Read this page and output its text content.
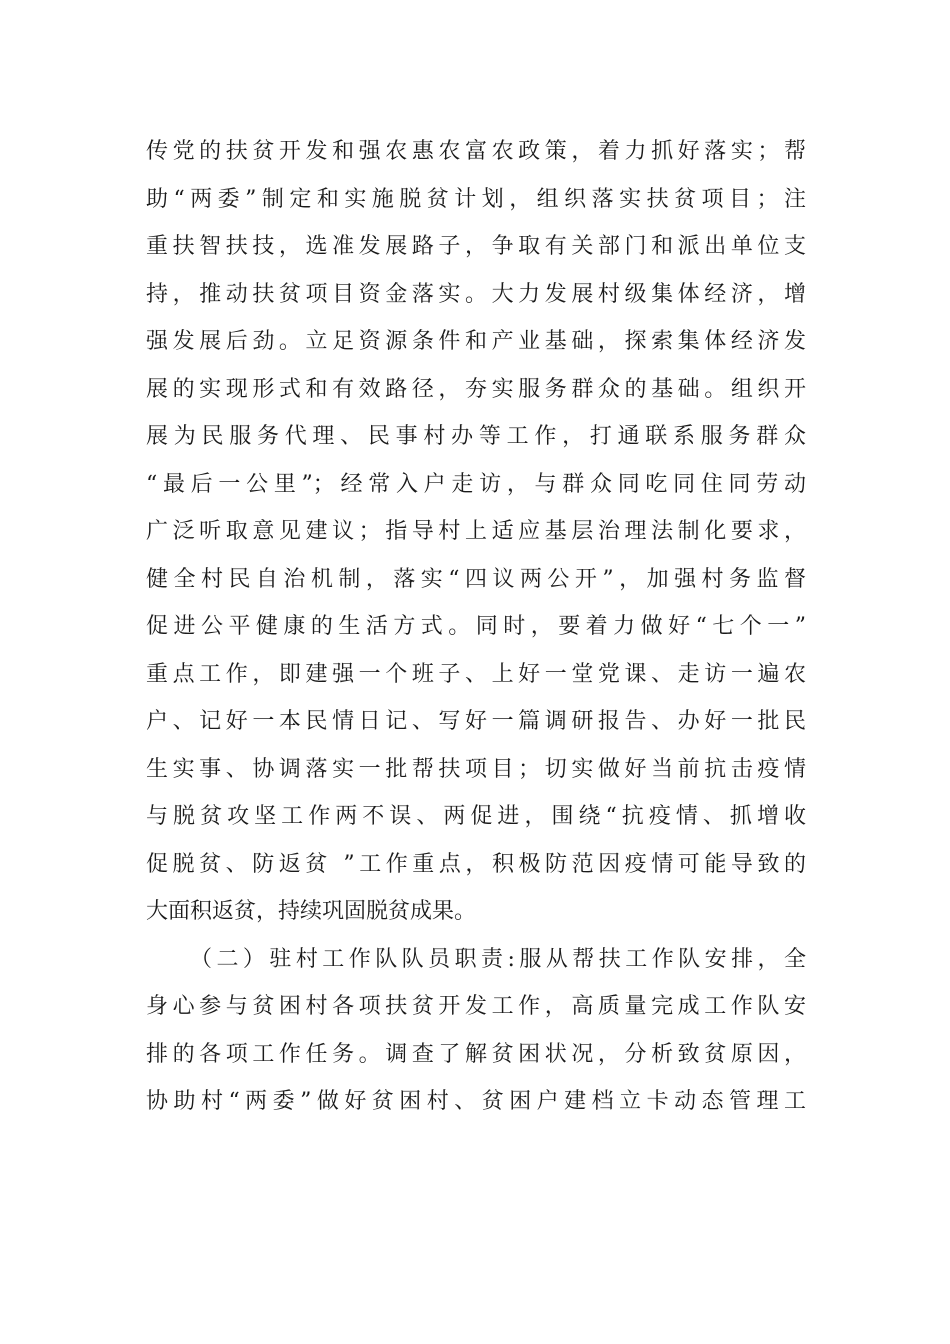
传党的扶贫开发和强农惠农富农政策，着力抓好落实；帮
助“两委”制定和实施脱贫计划，组织落实扶贫项目；注
重扶智扶技，选准发展路子，争取有关部门和派出单位支
持，推动扶贫项目资金落实。大力发展村级集体经济，增
强发展后劲。立足资源条件和产业基础，探索集体经济发
展的实现形式和有效路径，夯实服务群众的基础。组织开
展为民服务代理、民事村办等工作，打通联系服务群众
“最后一公里”；经常入户走访，与群众同吃同住同劳动
广泛听取意见建议；指导村上适应基层治理法制化要求，
健全村民自治机制，落实“四议两公开”，加强村务监督
促进公平健康的生活方式。同时，要着力做好“七个一”
重点工作，即建强一个班子、上好一堂党课、走访一遍农
户、记好一本民情日记、写好一篇调研报告、办好一批民
生实事、协调落实一批帮扶项目；切实做好当前抗击疫情
与脱贫攻坚工作两不误、两促进，围绕“抗疫情、抓增收
促脱贫、防返贫 ”工作重点，积极防范因疫情可能导致的
大面积返贫，持续巩固脱贫成果。
（二）驻村工作队队员职责:服从帮扶工作队安排，全
身心参与贫困村各项扶贫开发工作，高质量完成工作队安
排的各项工作任务。调查了解贫困状况，分析致贫原因，
协助村“两委”做好贫困村、贫困户建档立卡动态管理工
